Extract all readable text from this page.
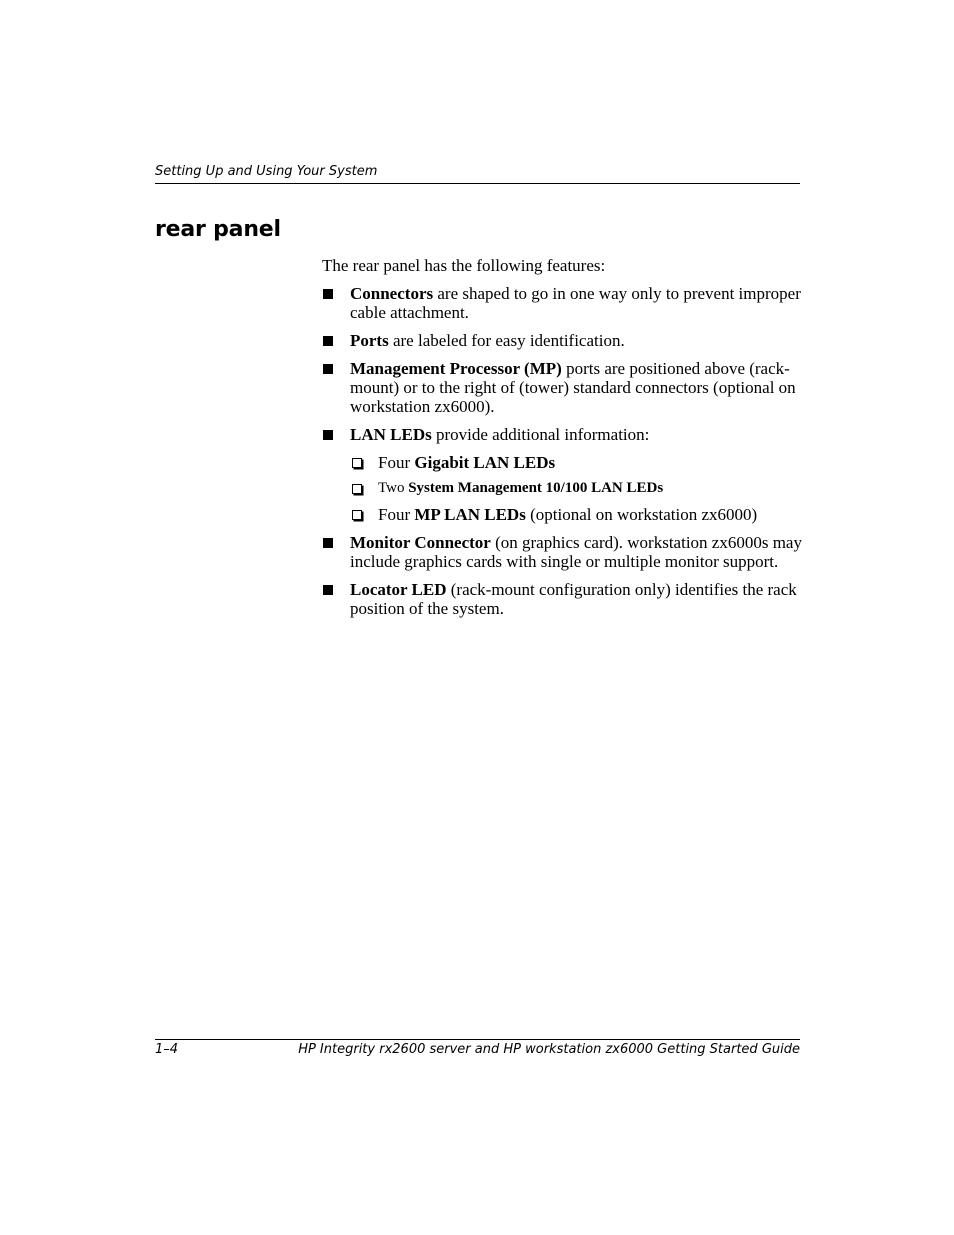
Setting Up and Using Your System
rear panel

The rear panel has the following features:

Connectors are shaped to go in one way only to prevent improper cable attachment.
Ports are labeled for easy identification.
Management Processor (MP) ports are positioned above (rack-mount) or to the right of (tower) standard connectors (optional on workstation zx6000).
LAN LEDs provide additional information:
Four Gigabit LAN LEDs
Two System Management 10/100 LAN LEDs
Four MP LAN LEDs (optional on workstation zx6000)
Monitor Connector (on graphics card). workstation zx6000s may include graphics cards with single or multiple monitor support.
Locator LED (rack-mount configuration only) identifies the rack position of the system.
1–4	HP Integrity rx2600 server and HP workstation zx6000 Getting Started Guide
